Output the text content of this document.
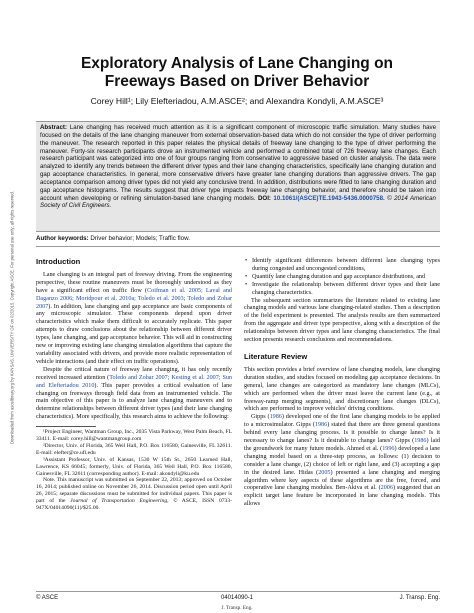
Downloaded from ascelibrary.org by KANSAS, UNIVERSITY OF on 02/2015. Copyright ASCE. For personal use only; all rights reserved.
Exploratory Analysis of Lane Changing on
Freeways Based on Driver Behavior
Corey Hill¹; Lily Elefteriadou, A.M.ASCE²; and Alexandra Kondyli, A.M.ASCE³

Abstract: Lane changing has received much attention as it is a significant component of microscopic traffic simulation. Many studies have focused on the details of the lane changing maneuver from external observation-based data which do not consider the type of driver performing the maneuver. The research reported in this paper relates the physical details of freeway lane changing to the type of driver performing the maneuver. Forty-six research participants drove an instrumented vehicle and performed a combined total of 726 freeway lane changes. Each research participant was categorized into one of four groups ranging from conservative to aggressive based on cluster analysis. The data were analyzed to identify any trends between the different driver types and their lane changing characteristics, specifically lane changing duration and gap acceptance characteristics. In general, more conservative drivers have greater lane changing durations than aggressive drivers. The gap acceptance comparison among driver types did not yield any conclusive trend. In addition, distributions were fitted to lane changing duration and gap acceptance histograms. The results suggest that driver type impacts freeway lane changing behavior, and therefore should be taken into account when developing or refining simulation-based lane changing models. DOI: 10.1061/(ASCE)TE.1943-5436.0000758. © 2014 American Society of Civil Engineers.

Author keywords: Driver behavior; Models; Traffic flow.
Introduction

Lane changing is an integral part of freeway driving. From the engineering perspective, these routine maneuvers must be thoroughly understood as they have a significant effect on traffic flow (Coifman et al. 2005; Laval and Daganzo 2006; Moridpour et al. 2010a; Toledo et al. 2003; Toledo and Zohar 2007). In addition, lane changing and gap acceptance are basic components of any microscopic simulator. These components depend upon driver characteristics which make them difficult to accurately replicate. This paper attempts to draw conclusions about the relationship between different driver types, lane changing, and gap acceptance behavior. This will aid in constructing new or improving existing lane changing simulation algorithms that capture the variability associated with drivers, and provide more realistic representation of vehicle interactions (and their effect on traffic operations).

Despite the critical nature of freeway lane changing, it has only recently received increased attention (Toledo and Zohar 2007; Kesting et al. 2007; Sun and Elefteriadou 2010). This paper provides a critical evaluation of lane changing on freeways through field data from an instrumented vehicle. The main objective of this paper is to analyze lane changing maneuvers and to determine relationships between different driver types (and their lane changing characteristics). More specifically, this research aims to achieve the following:

¹Project Engineer, Wantman Group, Inc., 2035 Vista Parkway, West Palm Beach, FL 33411. E-mail: corey.hill@wantmangroup.com

²Director, Univ. of Florida, 365 Weil Hall, P.O. Box 116580, Gainesville, FL 32611. E-mail: elefter@ce.ufl.edu

³Assistant Professor, Univ. of Kansas, 1530 W 15th St., 2650 Learned Hall, Lawrence, KS 66045; formerly, Univ. of Florida, 365 Weil Hall, P.O. Box 116580, Gainesville, FL 32611 (corresponding author). E-mail: akondyli@ku.edu

Note. This manuscript was submitted on September 22, 2013; approved on October 16, 2014; published online on November 26, 2014. Discussion period open until April 26, 2015; separate discussions must be submitted for individual papers. This paper is part of the Journal of Transportation Engineering, © ASCE, ISSN 0733-947X/04014090(11)/$25.00.

• Identify significant differences between different lane changing types during congested and uncongested conditions,
• Quantify lane changing duration and gap acceptance distributions, and
• Investigate the relationship between different driver types and their lane changing characteristics.

The subsequent section summarizes the literature related to existing lane changing models and various lane changing-related studies. Then a description of the field experiment is presented. The analysis results are then summarized from the aggregate and driver type perspective, along with a description of the relationships between driver types and lane changing characteristics. The final section presents research conclusions and recommendations.

Literature Review

This section provides a brief overview of lane changing models, lane changing duration studies, and studies focused on modeling gap acceptance decisions. In general, lane changes are categorized as mandatory lane changes (MLCs), which are performed when the driver must leave the current lane (e.g., at freeway-ramp merging segments), and discretionary lane changes (DLCs), which are performed to improve vehicles' driving conditions.

Gipps (1986) developed one of the first lane changing models to be applied to a microsimulator. Gipps (1986) stated that there are three general questions behind every lane changing process. Is it possible to change lanes? Is it necessary to change lanes? Is it desirable to change lanes? Gipps (1986) laid the groundwork for many future models. Ahmed et al. (1996) developed a lane changing model based on a three-step process, as follows: (1) decision to consider a lane change, (2) choice of left or right lane, and (3) accepting a gap in the desired lane. Hidas (2005) presented a lane changing and merging algorithm where key aspects of these algorithms are the free, forced, and cooperative lane changing modules. Ben-Akiva et al. (2006) suggested that an explicit target lane feature be incorporated in lane changing models. This allows

© ASCE	04014090-1	J. Transp. Eng.
J. Transp. Eng.
